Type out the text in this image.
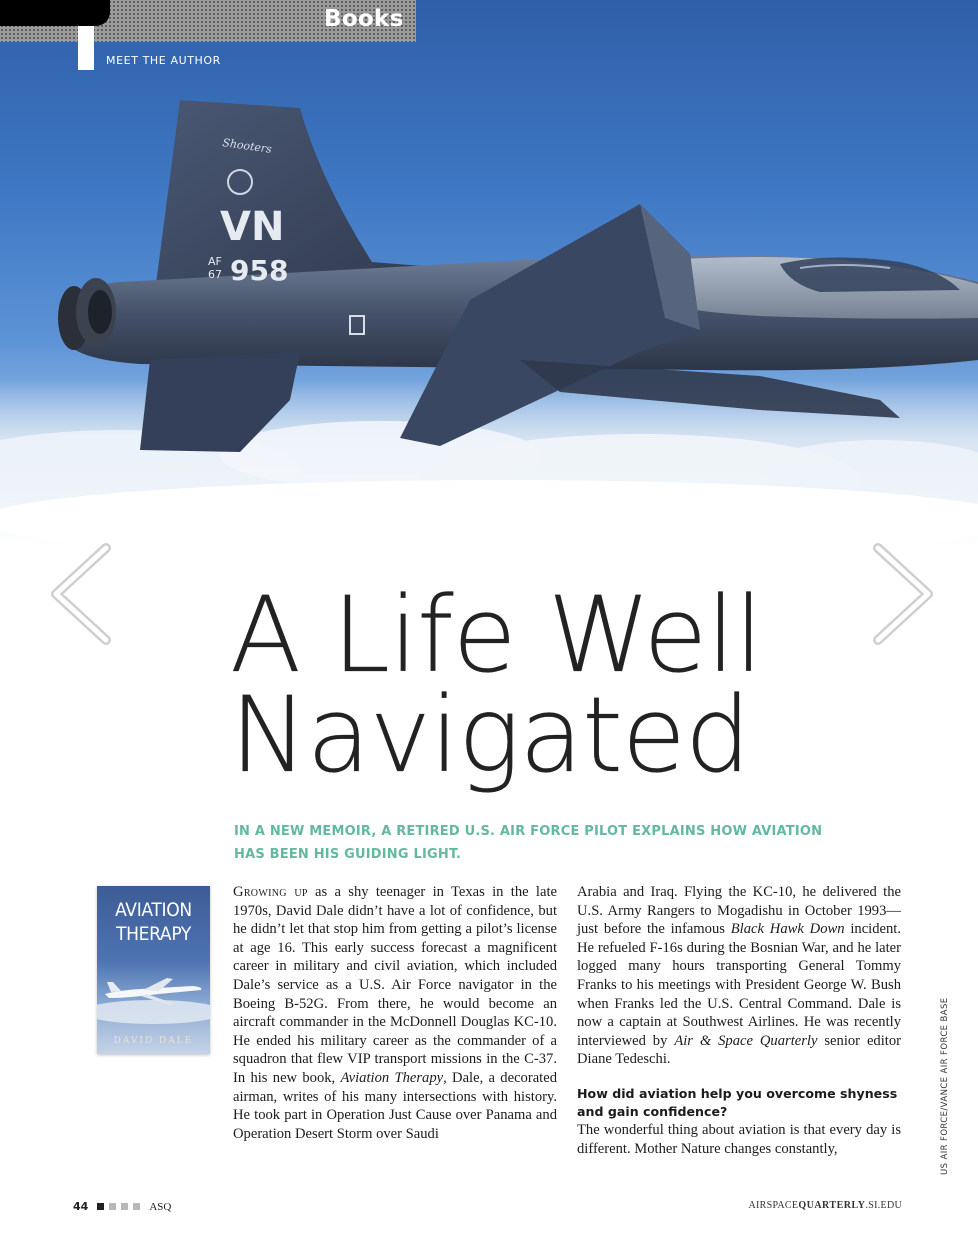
VN
AF
67 958
Shooters
Books
MEET THE AUTHOR
A Life Well
Navigated
IN A NEW MEMOIR, A RETIRED U.S. AIR FORCE PILOT EXPLAINS HOW AVIATION
HAS BEEN HIS GUIDING LIGHT.
AVIATION
THERAPY
DAVID DALE

Growing up as a shy teenager in Texas in the late 1970s, David Dale didn’t have a lot of confidence, but he didn’t let that stop him from getting a pilot’s license at age 16. This early success forecast a magnificent career in military and civil aviation, which included Dale’s service as a U.S. Air Force navigator in the Boeing B-52G. From there, he would become an aircraft commander in the McDonnell Douglas KC-10. He ended his military career as the commander of a squadron that flew VIP transport missions in the C-37. In his new book, Aviation Therapy, Dale, a decorated airman, writes of his many intersections with history. He took part in Operation Just Cause over Panama and Operation Desert Storm over Saudi

Arabia and Iraq. Flying the KC-10, he delivered the U.S. Army Rangers to Mogadishu in October 1993—just before the infamous Black Hawk Down incident. He refueled F-16s during the Bosnian War, and he later logged many hours transporting General Tommy Franks to his meetings with President George W. Bush when Franks led the U.S. Central Command. Dale is now a captain at Southwest Airlines. He was recently interviewed by Air & Space Quarterly senior editor Diane Tedeschi.

How did aviation help you overcome shyness and gain confidence?

The wonderful thing about aviation is that every day is different. Mother Nature changes constantly,	US AIR FORCE/VANCE AIR FORCE BASE
44	ASQ	AIRSPACEQUARTERLY.SI.EDU
